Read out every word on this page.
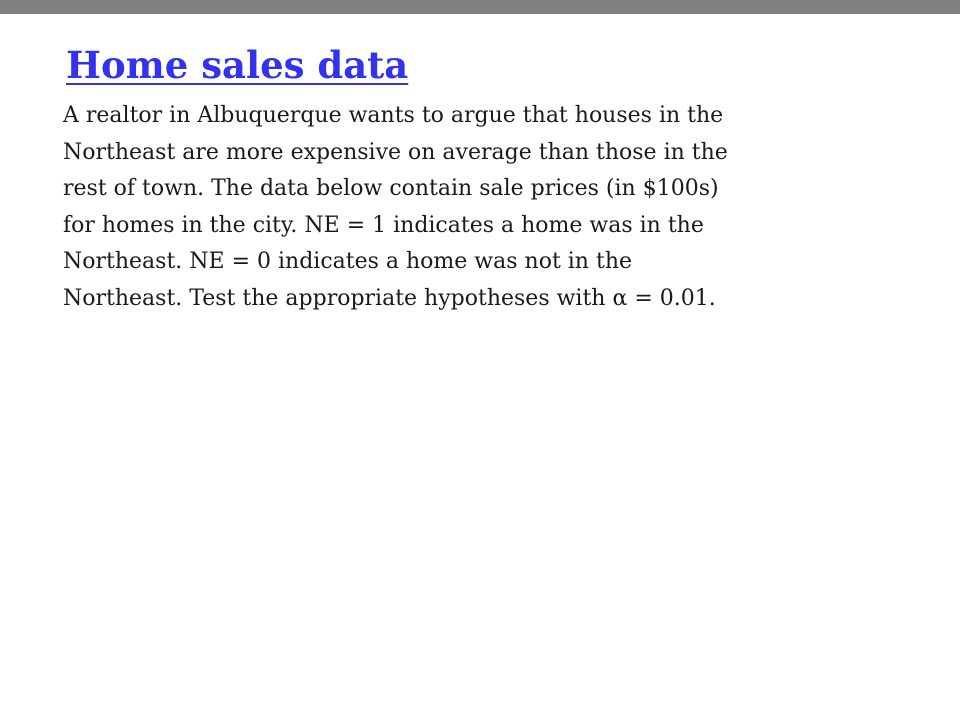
Home sales data
A realtor in Albuquerque wants to argue that houses in the
Northeast are more expensive on average than those in the
rest of town. The data below contain sale prices (in $100s)
for homes in the city. NE = 1 indicates a home was in the
Northeast. NE = 0 indicates a home was not in the
Northeast. Test the appropriate hypotheses with α = 0.01.
